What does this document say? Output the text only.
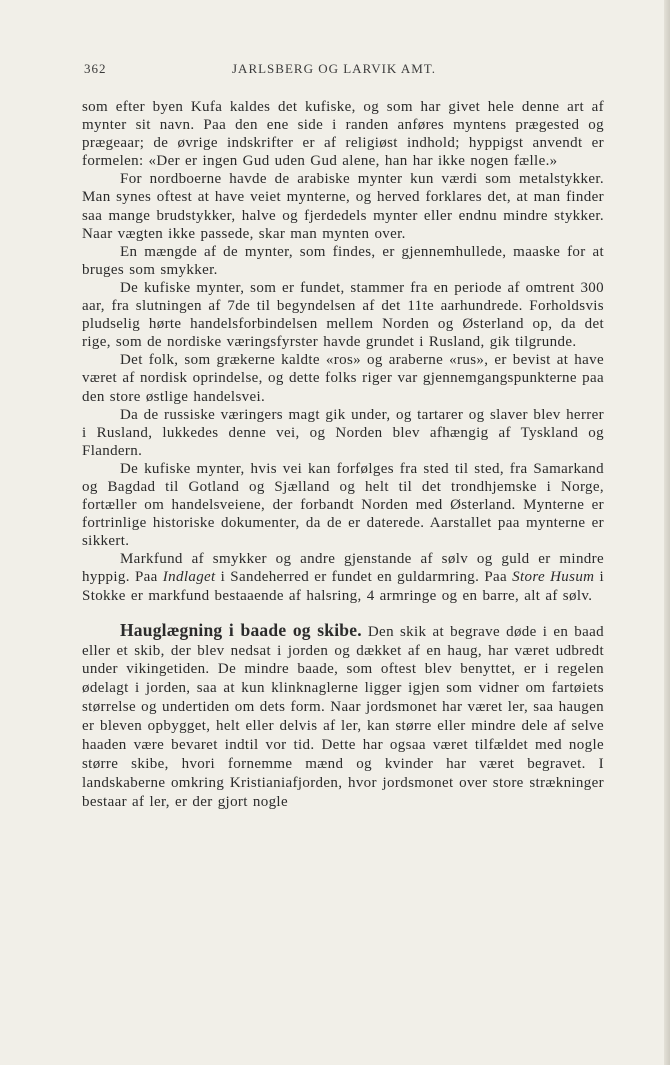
362	JARLSBERG OG LARVIK AMT.

som efter byen Kufa kaldes det kufiske, og som har givet hele denne art af mynter sit navn. Paa den ene side i randen anføres myntens prægested og prægeaar; de øvrige indskrifter er af religiøst indhold; hyppigst anvendt er formelen: «Der er ingen Gud uden Gud alene, han har ikke nogen fælle.»

For nordboerne havde de arabiske mynter kun værdi som metalstykker. Man synes oftest at have veiet mynterne, og herved forklares det, at man finder saa mange brudstykker, halve og fjerdedels mynter eller endnu mindre stykker. Naar vægten ikke passede, skar man mynten over.

En mængde af de mynter, som findes, er gjennemhullede, maaske for at bruges som smykker.

De kufiske mynter, som er fundet, stammer fra en periode af omtrent 300 aar, fra slutningen af 7de til begyndelsen af det 11te aarhundrede. Forholdsvis pludselig hørte handelsforbindelsen mellem Norden og Østerland op, da det rige, som de nordiske væringsfyrster havde grundet i Rusland, gik tilgrunde.

Det folk, som grækerne kaldte «ros» og araberne «rus», er bevist at have været af nordisk oprindelse, og dette folks riger var gjennemgangspunkterne paa den store østlige handelsvei.

Da de russiske væringers magt gik under, og tartarer og slaver blev herrer i Rusland, lukkedes denne vei, og Norden blev afhængig af Tyskland og Flandern.

De kufiske mynter, hvis vei kan forfølges fra sted til sted, fra Samarkand og Bagdad til Gotland og Sjælland og helt til det trondhjemske i Norge, fortæller om handelsveiene, der forbandt Norden med Østerland. Mynterne er fortrinlige historiske dokumenter, da de er daterede. Aarstallet paa mynterne er sikkert.

Markfund af smykker og andre gjenstande af sølv og guld er mindre hyppig. Paa Indlaget i Sandeherred er fundet en guldarmring. Paa Store Husum i Stokke er markfund bestaaende af halsring, 4 armringe og en barre, alt af sølv.

Hauglægning i baade og skibe. Den skik at begrave døde i en baad eller et skib, der blev nedsat i jorden og dækket af en haug, har været udbredt under vikingetiden. De mindre baade, som oftest blev benyttet, er i regelen ødelagt i jorden, saa at kun klinknaglerne ligger igjen som vidner om fartøiets størrelse og undertiden om dets form. Naar jordsmonet har været ler, saa haugen er bleven opbygget, helt eller delvis af ler, kan større eller mindre dele af selve haaden være bevaret indtil vor tid. Dette har ogsaa været tilfældet med nogle større skibe, hvori fornemme mænd og kvinder har været begravet. I landskaberne omkring Kristianiafjorden, hvor jordsmonet over store strækninger bestaar af ler, er der gjort nogle
